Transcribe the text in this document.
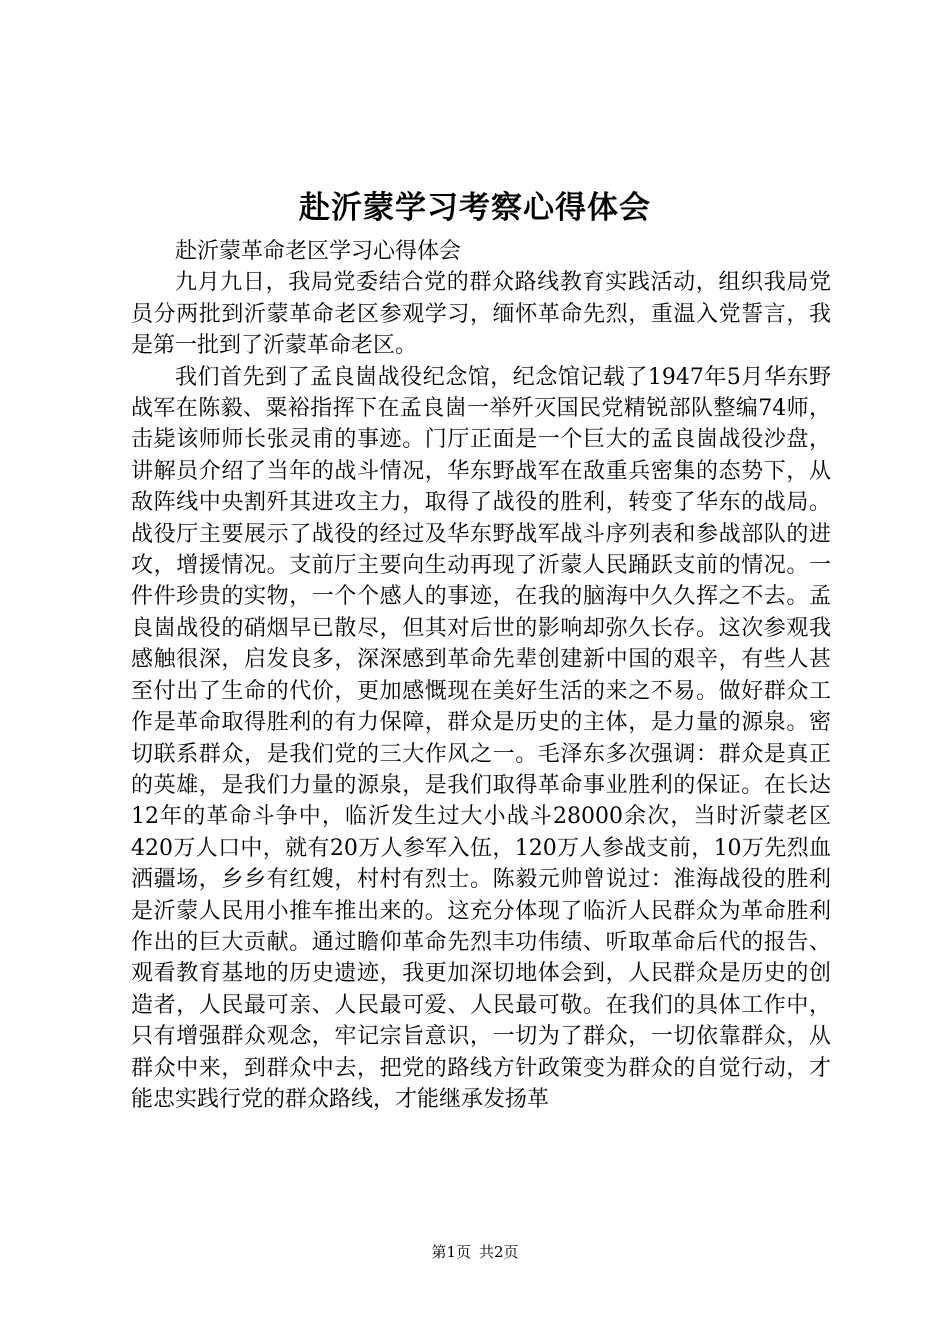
赴沂蒙学习考察心得体会

赴沂蒙革命老区学习心得体会

九月九日，我局党委结合党的群众路线教育实践活动，组织我局党员分两批到沂蒙革命老区参观学习，缅怀革命先烈，重温入党誓言，我是第一批到了沂蒙革命老区。

我们首先到了孟良崮战役纪念馆，纪念馆记载了1947年5月华东野战军在陈毅、粟裕指挥下在孟良崮一举歼灭国民党精锐部队整编74师，击毙该师师长张灵甫的事迹。门厅正面是一个巨大的孟良崮战役沙盘，讲解员介绍了当年的战斗情况，华东野战军在敌重兵密集的态势下，从敌阵线中央割歼其进攻主力，取得了战役的胜利，转变了华东的战局。战役厅主要展示了战役的经过及华东野战军战斗序列表和参战部队的进攻，增援情况。支前厅主要向生动再现了沂蒙人民踊跃支前的情况。一件件珍贵的实物，一个个感人的事迹，在我的脑海中久久挥之不去。孟良崮战役的硝烟早已散尽，但其对后世的影响却弥久长存。这次参观我感触很深，启发良多，深深感到革命先辈创建新中国的艰辛，有些人甚至付出了生命的代价，更加感慨现在美好生活的来之不易。做好群众工作是革命取得胜利的有力保障，群众是历史的主体，是力量的源泉。密切联系群众，是我们党的三大作风之一。毛泽东多次强调：群众是真正的英雄，是我们力量的源泉，是我们取得革命事业胜利的保证。在长达12年的革命斗争中，临沂发生过大小战斗28000余次，当时沂蒙老区420万人口中，就有20万人参军入伍，120万人参战支前，10万先烈血洒疆场，乡乡有红嫂，村村有烈士。陈毅元帅曾说过：淮海战役的胜利是沂蒙人民用小推车推出来的。这充分体现了临沂人民群众为革命胜利作出的巨大贡献。通过瞻仰革命先烈丰功伟绩、听取革命后代的报告、观看教育基地的历史遗迹，我更加深切地体会到，人民群众是历史的创造者，人民最可亲、人民最可爱、人民最可敬。在我们的具体工作中，只有增强群众观念，牢记宗旨意识，一切为了群众，一切依靠群众，从群众中来，到群众中去，把党的路线方针政策变为群众的自觉行动，才能忠实践行党的群众路线，才能继承发扬革

第1页 共2页
